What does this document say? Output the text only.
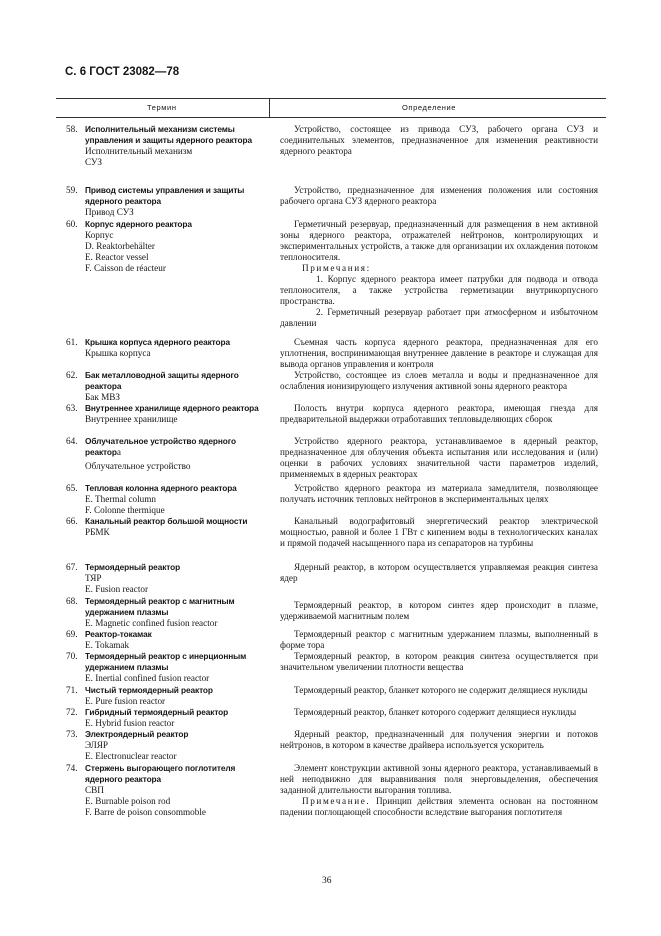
С. 6 ГОСТ 23082—78
Термин	Определение
58. Исполнительный механизм системы управления и защиты ядерного реактора
Исполнительный механизм
СУЗ
Устройство, состоящее из привода СУЗ, рабочего органа СУЗ и соединительных элементов, предназначенное для изменения реактивности ядерного реактора
59. Привод системы управления и защиты ядерного реактора
Привод СУЗ
Устройство, предназначенное для изменения положения или состояния рабочего органа СУЗ ядерного реактора
60. Корпус ядерного реактора
Корпус
D. Reaktorbehälter
E. Reactor vessel
F. Caisson de réacteur
Герметичный резервуар, предназначенный для размещения в нем активной зоны ядерного реактора, отражателей нейтронов, контролирующих и экспериментальных устройств, а также для организации их охлаждения потоком теплоносителя.
Примечания:
1. Корпус ядерного реактора имеет патрубки для подвода и отвода теплоносителя, а также устройства герметизации внутрикорпусного пространства.
2. Герметичный резервуар работает при атмосферном и избыточном давлении
61. Крышка корпуса ядерного реактора
Крышка корпуса
Съемная часть корпуса ядерного реактора, предназначенная для его уплотнения, воспринимающая внутреннее давление в реакторе и служащая для вывода органов управления и контроля
62. Бак металловодной защиты ядерного реактора
Бак МВЗ
Устройство, состоящее из слоев металла и воды и предназначенное для ослабления ионизирующего излучения активной зоны ядерного реактора
63. Внутреннее хранилище ядерного реактора
Внутреннее хранилище
Полость внутри корпуса ядерного реактора, имеющая гнезда для предварительной выдержки отработавших тепловыделяющих сборок
64. Облучательное устройство ядерного реактора
Облучательное устройство
Устройство ядерного реактора, устанавливаемое в ядерный реактор, предназначенное для облучения объекта испытания или исследования и (или) оценки в рабочих условиях значительной части параметров изделий, применяемых в ядерных реакторах
65. Тепловая колонна ядерного реактора
E. Thermal column
F. Colonne thermique
Устройство ядерного реактора из материала замедлителя, позволяющее получать источник тепловых нейтронов в экспериментальных целях
66. Канальный реактор большой мощности
РБМК
Канальный водографитовый энергетический реактор электрической мощностью, равной и более 1 ГВт с кипением воды в технологических каналах и прямой подачей насыщенного пара из сепараторов на турбины
67. Термоядерный реактор
ТЯР
E. Fusion reactor
Ядерный реактор, в котором осуществляется управляемая реакция синтеза ядер
68. Термоядерный реактор с магнитным удержанием плазмы
E. Magnetic confined fusion reactor
Термоядерный реактор, в котором синтез ядер происходит в плазме, удерживаемой магнитным полем
69. Реактор-токамак
E. Tokamak
Термоядерный реактор с магнитным удержанием плазмы, выполненный в форме тора
70. Термоядерный реактор с инерционным удержанием плазмы
E. Inertial confined fusion reactor
Термоядерный реактор, в котором реакция синтеза осуществляется при значительном увеличении плотности вещества
71. Чистый термоядерный реактор
E. Pure fusion reactor
Термоядерный реактор, бланкет которого не содержит делящиеся нуклиды
72. Гибридный термоядерный реактор
E. Hybrid fusion reactor
Термоядерный реактор, бланкет которого содержит делящиеся нуклиды
73. Электроядерный реактор
ЭЛЯР
E. Electronuclear reactor
Ядерный реактор, предназначенный для получения энергии и потоков нейтронов, в котором в качестве драйвера используется ускоритель
74. Стержень выгорающего поглотителя ядерного реактора
СВП
E. Burnable poison rod
F. Barre de poison consommoble
Элемент конструкции активной зоны ядерного реактора, устанавливаемый в ней неподвижно для выравнивания поля энерговыделения, обеспечения заданной длительности выгорания топлива.
Примечание. Принцип действия элемента основан на постоянном падении поглощающей способности вследствие выгорания поглотителя
36
